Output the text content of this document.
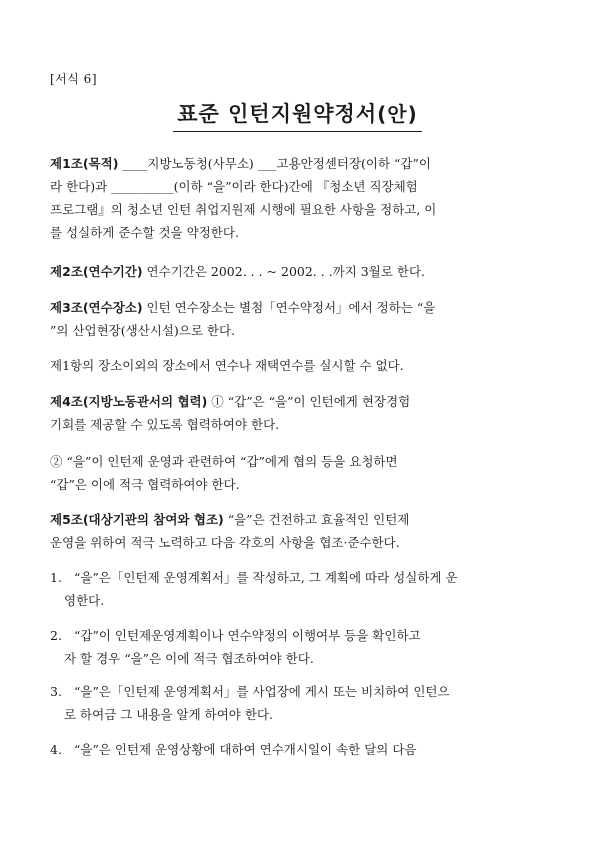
[서식 6]
표준 인턴지원약정서(안)
제1조(목적) ____지방노동청(사무소) ___고용안정센터장(이하 “갑”이
라 한다)과 __________(이하 “을”이라 한다)간에 『청소년 직장체험
프로그램』의 청소년 인턴 취업지원제 시행에 필요한 사항을 정하고, 이
를 성실하게 준수할 것을 약정한다.
제2조(연수기간) 연수기간은 2002. . . ~ 2002. . .까지 3월로 한다.
제3조(연수장소) 인턴 연수장소는 별첨「연수약정서」에서 정하는 “을
”의 산업현장(생산시설)으로 한다.
제1항의 장소이외의 장소에서 연수나 재택연수를 실시할 수 없다.
제4조(지방노동관서의 협력) ① “갑”은 “을”이 인턴에게 현장경험
기회를 제공할 수 있도록 협력하여야 한다.
② “을”이 인턴제 운영과 관련하여 “갑”에게 협의 등을 요청하면
“갑”은 이에 적극 협력하여야 한다.
제5조(대상기관의 참여와 협조) “을”은 건전하고 효율적인 인턴제
운영을 위하여 적극 노력하고 다음 각호의 사항을 협조·준수한다.
1. “을”은「인턴제 운영계획서」를 작성하고, 그 계획에 따라 성실하게 운
영한다.
2. “갑”이 인턴제운영계획이나 연수약정의 이행여부 등을 확인하고
자 할 경우 “을”은 이에 적극 협조하여야 한다.
3. “을”은「인턴제 운영계획서」를 사업장에 게시 또는 비치하여 인턴으
로 하여금 그 내용을 알게 하여야 한다.
4. “을”은 인턴제 운영상황에 대하여 연수개시일이 속한 달의 다음
